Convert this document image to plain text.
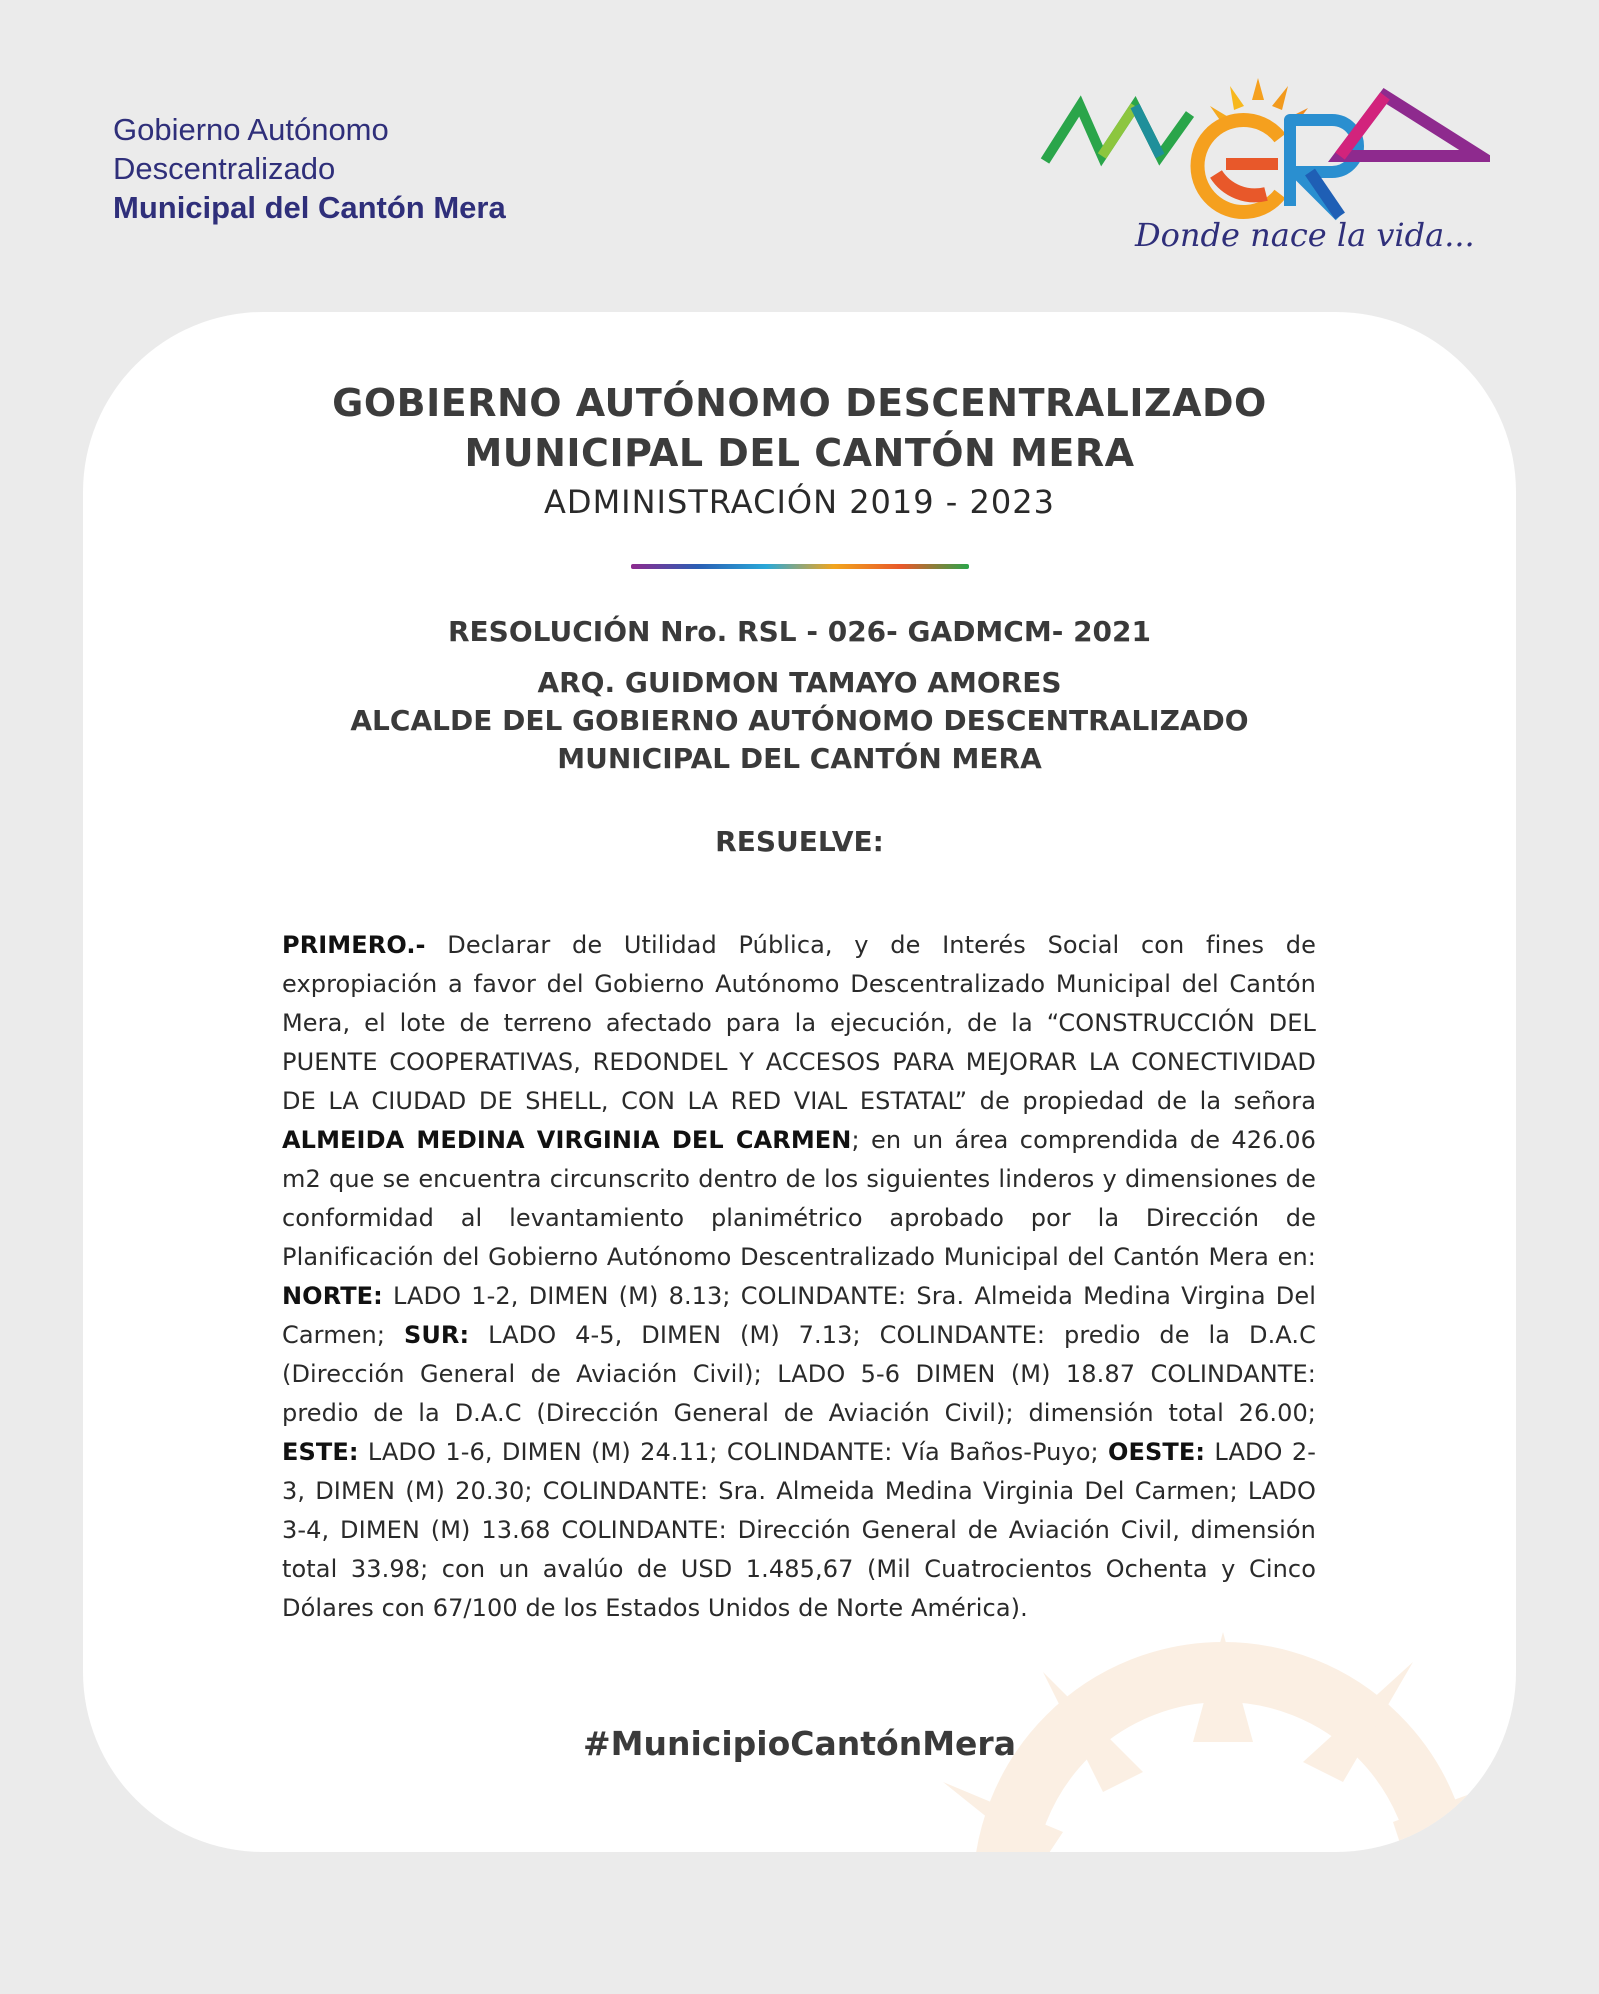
Gobierno Autónomo
Descentralizado
Municipal del Cantón Mera
Donde nace la vida...
GOBIERNO AUTÓNOMO DESCENTRALIZADO
MUNICIPAL DEL CANTÓN MERA
ADMINISTRACIÓN 2019 - 2023
RESOLUCIÓN Nro. RSL - 026- GADMCM- 2021
ARQ. GUIDMON TAMAYO AMORES
ALCALDE DEL GOBIERNO AUTÓNOMO DESCENTRALIZADO
MUNICIPAL DEL CANTÓN MERA
RESUELVE:
PRIMERO.- Declarar de Utilidad Pública, y de Interés Social con fines de expropiación a favor del Gobierno Autónomo Descentralizado Municipal del Cantón Mera, el lote de terreno afectado para la ejecución, de la “CONSTRUCCIÓN DEL PUENTE COOPERATIVAS, REDONDEL Y ACCESOS PARA MEJORAR LA CONECTIVIDAD DE LA CIUDAD DE SHELL, CON LA RED VIAL ESTATAL” de propiedad de la señora ALMEIDA MEDINA VIRGINIA DEL CARMEN; en un área comprendida de 426.06 m2 que se encuentra circunscrito dentro de los siguientes linderos y dimensiones de conformidad al levantamiento planimétrico aprobado por la Dirección de Planificación del Gobierno Autónomo Descentralizado Municipal del Cantón Mera en: NORTE: LADO 1-2, DIMEN (M) 8.13; COLINDANTE: Sra. Almeida Medina Virgina Del Carmen; SUR: LADO 4-5, DIMEN (M) 7.13; COLINDANTE: predio de la D.A.C (Dirección General de Aviación Civil); LADO 5-6 DIMEN (M) 18.87 COLINDANTE: predio de la D.A.C (Dirección General de Aviación Civil); dimensión total 26.00; ESTE: LADO 1-6, DIMEN (M) 24.11; COLINDANTE: Vía Baños-Puyo; OESTE: LADO 2-3, DIMEN (M) 20.30; COLINDANTE: Sra. Almeida Medina Virginia Del Carmen; LADO 3-4, DIMEN (M) 13.68 COLINDANTE: Dirección General de Aviación Civil, dimensión total 33.98; con un avalúo de USD 1.485,67 (Mil Cuatrocientos Ochenta y Cinco Dólares con 67/100 de los Estados Unidos de Norte América).
#MunicipioCantónMera
